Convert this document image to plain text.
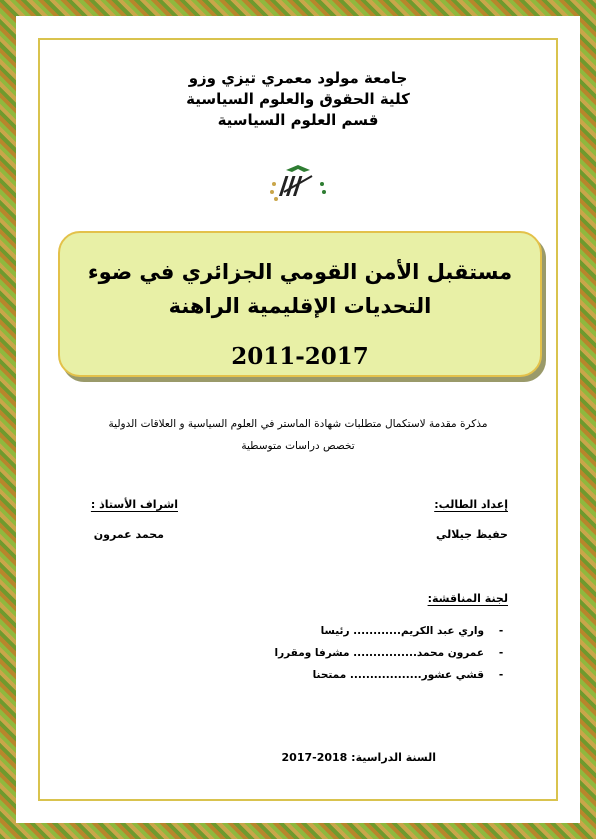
جامعة مولود معمري تيزي وزو
كلية الحقوق والعلوم السياسية
قسم العلوم السياسية
مستقبل الأمن القومي الجزائري في ضوء
التحديات الإقليمية الراهنة
2011-2017
مذكرة مقدمة لاستكمال متطلبات شهادة الماستر في العلوم السياسية و العلاقات الدولية
تخصص دراسات متوسطية
إعداد الطالب:
حفيظ جيلالي
اشراف الأستاذ :
محمد عمرون
لجنة المناقشة:
-
واري عبد الكريم............ رئيسا
-
عمرون محمد................ مشرفا ومقررا
-
قشي عشور.................. ممتحنا
السنة الدراسية: 2017-2018
